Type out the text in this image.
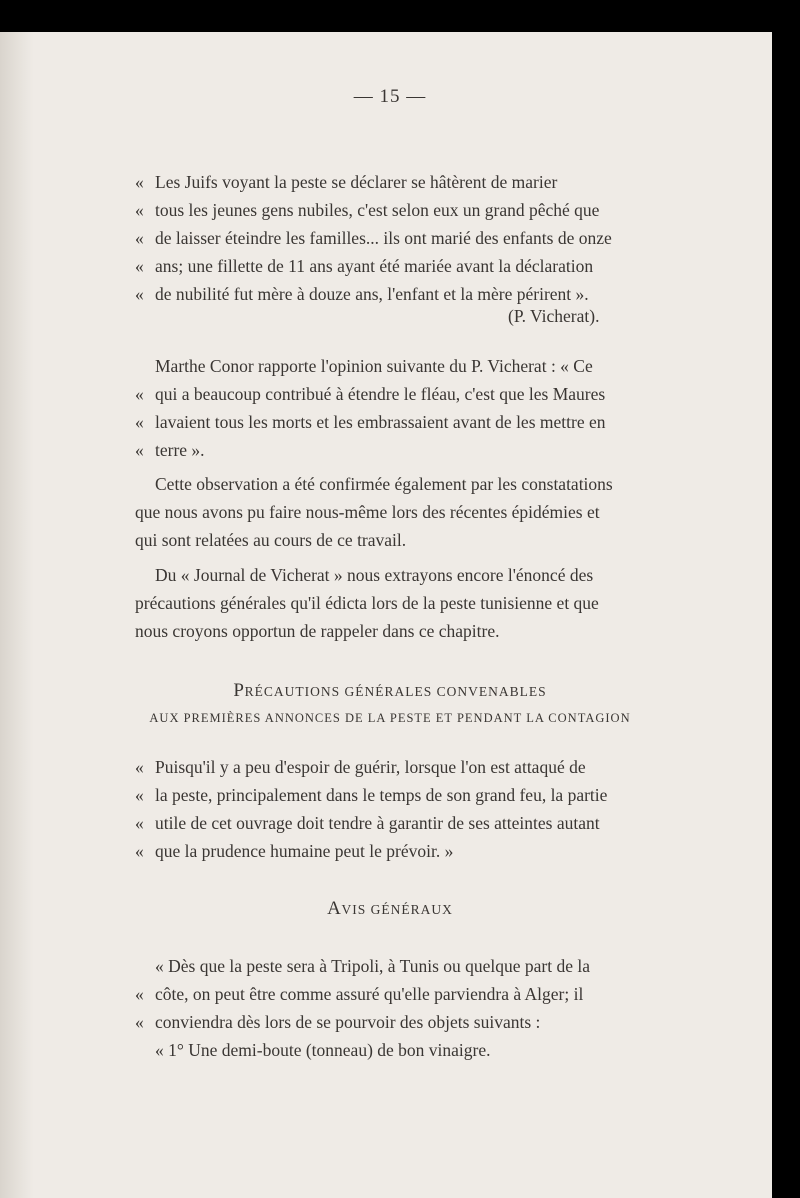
— 15 —
« Les Juifs voyant la peste se déclarer se hâtèrent de marier
« tous les jeunes gens nubiles, c'est selon eux un grand pêché que
« de laisser éteindre les familles... ils ont marié des enfants de onze
« ans; une fillette de 11 ans ayant été mariée avant la déclaration
« de nubilité fut mère à douze ans, l'enfant et la mère périrent ».
(P. Vicherat).
Marthe Conor rapporte l'opinion suivante du P. Vicherat : « Ce
« qui a beaucoup contribué à étendre le fléau, c'est que les Maures
« lavaient tous les morts et les embrassaient avant de les mettre en
« terre ».
Cette observation a été confirmée également par les constatations
que nous avons pu faire nous-même lors des récentes épidémies et
qui sont relatées au cours de ce travail.
Du « Journal de Vicherat » nous extrayons encore l'énoncé des
précautions générales qu'il édicta lors de la peste tunisienne et que
nous croyons opportun de rappeler dans ce chapitre.
PRÉCAUTIONS GÉNÉRALES CONVENABLES
AUX PREMIÈRES ANNONCES DE LA PESTE ET PENDANT LA CONTAGION
« Puisqu'il y a peu d'espoir de guérir, lorsque l'on est attaqué de
« la peste, principalement dans le temps de son grand feu, la partie
« utile de cet ouvrage doit tendre à garantir de ses atteintes autant
« que la prudence humaine peut le prévoir. »
AVIS GÉNÉRAUX
« Dès que la peste sera à Tripoli, à Tunis ou quelque part de la
« côte, on peut être comme assuré qu'elle parviendra à Alger; il
« conviendra dès lors de se pourvoir des objets suivants :
« 1° Une demi-boute (tonneau) de bon vinaigre.
